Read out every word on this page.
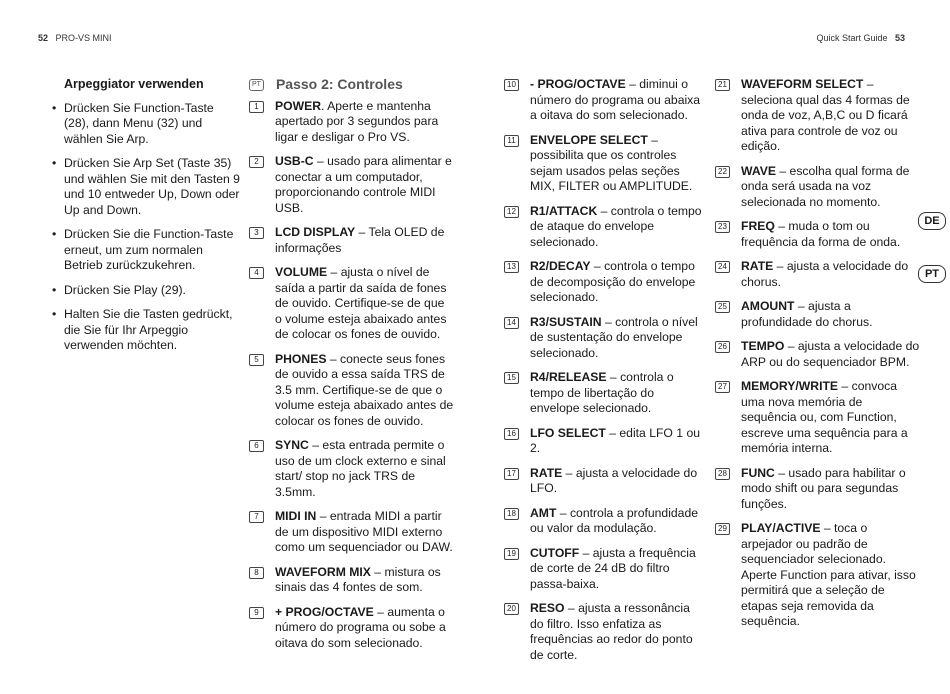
52 PRO-VS MINI	Quick Start Guide 53
Arpeggiator verwenden
• Drücken Sie Function-Taste (28), dann Menu (32) und wählen Sie Arp.
• Drücken Sie Arp Set (Taste 35) und wählen Sie mit den Tasten 9 und 10 entweder Up, Down oder Up and Down.
• Drücken Sie die Function-Taste erneut, um zum normalen Betrieb zurückzukehren.
• Drücken Sie Play (29).
• Halten Sie die Tasten gedrückt, die Sie für Ihr Arpeggio verwenden möchten.
PT Passo 2: Controles
1	POWER. Aperte e mantenha apertado por 3 segundos para ligar e desligar o Pro VS.
2	USB-C – usado para alimentar e conectar a um computador, proporcionando controle MIDI USB.
3	LCD DISPLAY – Tela OLED de informações
4	VOLUME – ajusta o nível de saída a partir da saída de fones de ouvido. Certifique-se de que o volume esteja abaixado antes de colocar os fones de ouvido.
5	PHONES – conecte seus fones de ouvido a essa saída TRS de 3.5 mm. Certifique-se de que o volume esteja abaixado antes de colocar os fones de ouvido.
6	SYNC – esta entrada permite o uso de um clock externo e sinal start/ stop no jack TRS de 3.5mm.
7	MIDI IN – entrada MIDI a partir de um dispositivo MIDI externo como um sequenciador ou DAW.
8	WAVEFORM MIX – mistura os sinais das 4 fontes de som.
9	+ PROG/OCTAVE – aumenta o número do programa ou sobe a oitava do som selecionado.
10 - PROG/OCTAVE – diminui o número do programa ou abaixa a oitava do som selecionado.
11 ENVELOPE SELECT – possibilita que os controles sejam usados pelas seções MIX, FILTER ou AMPLITUDE.
12 R1/ATTACK – controla o tempo de ataque do envelope selecionado.
13 R2/DECAY – controla o tempo de decomposição do envelope selecionado.
14 R3/SUSTAIN – controla o nível de sustentação do envelope selecionado.
15 R4/RELEASE – controla o tempo de libertação do envelope selecionado.
16 LFO SELECT – edita LFO 1 ou 2.
17 RATE – ajusta a velocidade do LFO.
18 AMT – controla a profundidade ou valor da modulação.
19 CUTOFF – ajusta a frequência de corte de 24 dB do filtro passa-baixa.
20 RESO – ajusta a ressonância do filtro. Isso enfatiza as frequências ao redor do ponto de corte.
21 WAVEFORM SELECT – seleciona qual das 4 formas de onda de voz, A,B,C ou D ficará ativa para controle de voz ou edição.
22 WAVE – escolha qual forma de onda será usada na voz selecionada no momento.
23 FREQ – muda o tom ou frequência da forma de onda.
24 RATE – ajusta a velocidade do chorus.
25 AMOUNT – ajusta a profundidade do chorus.
26 TEMPO – ajusta a velocidade do ARP ou do sequenciador BPM.
27 MEMORY/WRITE – convoca uma nova memória de sequência ou, com Function, escreve uma sequência para a memória interna.
28 FUNC – usado para habilitar o modo shift ou para segundas funções.
29 PLAY/ACTIVE – toca o arpejador ou padrão de sequenciador selecionado. Aperte Function para ativar, isso permitirá que a seleção de etapas seja removida da sequência.
DE
PT
